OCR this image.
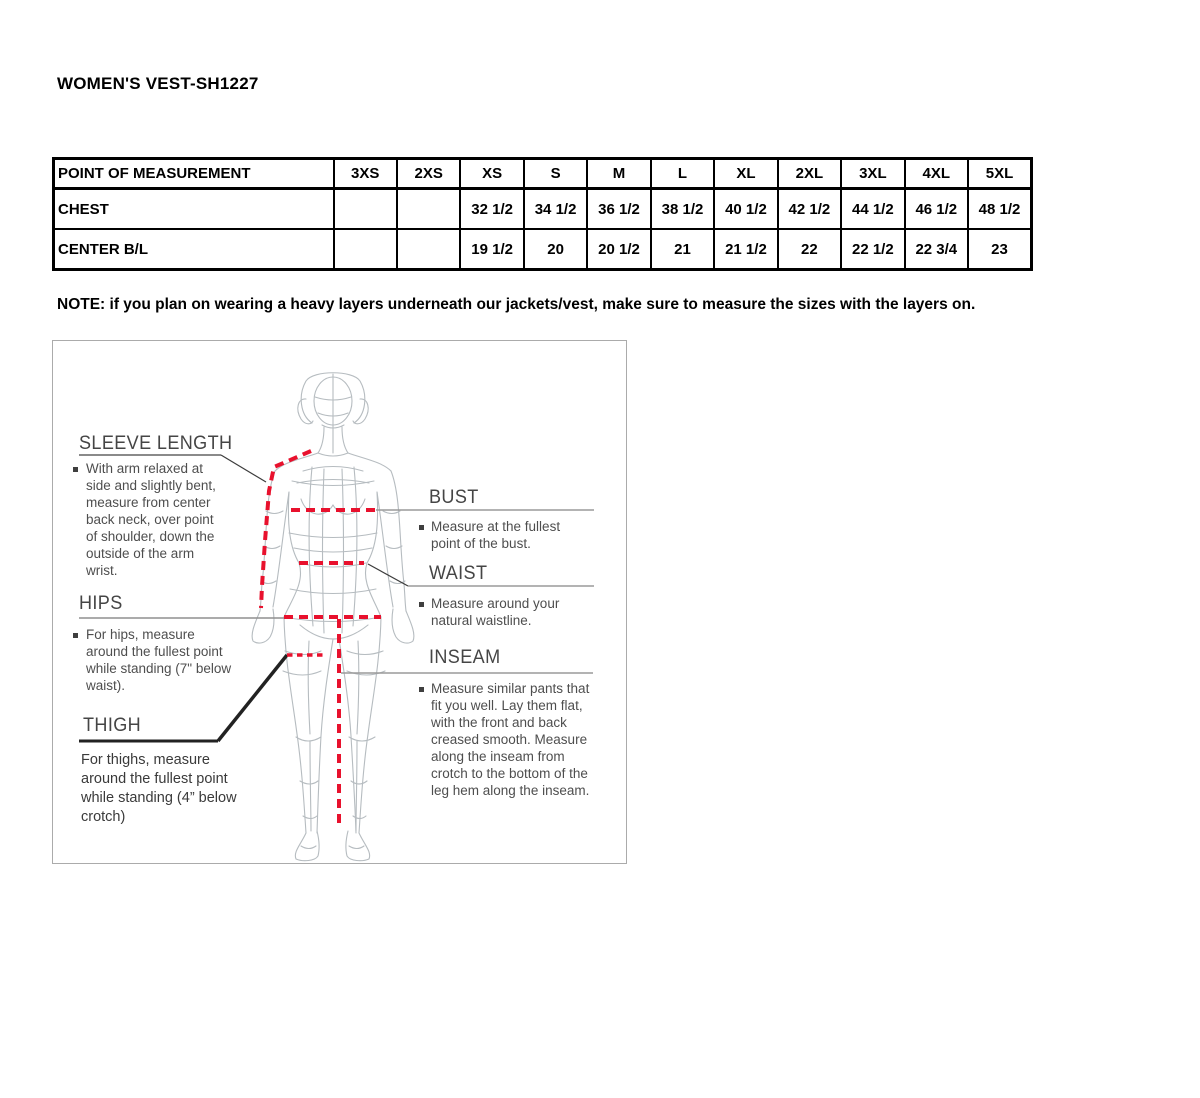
WOMEN'S VEST-SH1227
POINT OF MEASUREMENT	3XS	2XS	XS	S	M	L	XL	2XL	3XL	4XL	5XL
CHEST			32 1/2	34 1/2	36 1/2	38 1/2	40 1/2	42 1/2	44 1/2	46 1/2	48 1/2
CENTER B/L			19 1/2	20	20 1/2	21	21 1/2	22	22 1/2	22 3/4	23
NOTE: if you plan on wearing a heavy layers underneath our jackets/vest, make sure to measure the sizes with the layers on.
SLEEVE LENGTH
With arm relaxed at side and slightly bent, measure from center back neck, over point of shoulder, down the outside of the arm wrist.
HIPS
For hips, measure around the fullest point while standing (7" below waist).
THIGH
For thighs, measure around the fullest point while standing (4” below crotch)
BUST
Measure at the fullest point of the bust.
WAIST
Measure around your natural waistline.
INSEAM
Measure similar pants that fit you well. Lay them flat, with the front and back creased smooth. Measure along the inseam from crotch to the bottom of the leg hem along the inseam.
